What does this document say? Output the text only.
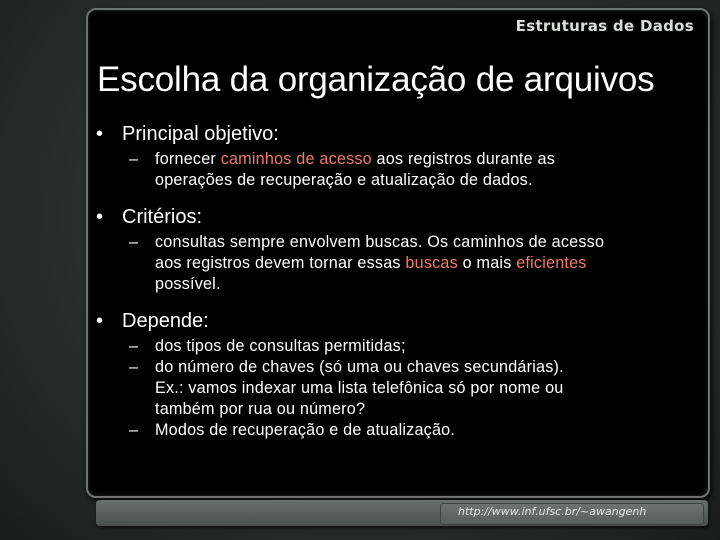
Estruturas de Dados
Escolha da organização de arquivos
• Principal objetivo:
– fornecer caminhos de acesso aos registros durante as
operações de recuperação e atualização de dados.
• Critérios:
– consultas sempre envolvem buscas. Os caminhos de acesso
aos registros devem tornar essas buscas o mais eficientes
possível.
• Depende:
– dos tipos de consultas permitidas;
– do número de chaves (só uma ou chaves secundárias).
Ex.: vamos indexar uma lista telefônica só por nome ou
também por rua ou número?
– Modos de recuperação e de atualização.
http://www.inf.ufsc.br/~awangenh
